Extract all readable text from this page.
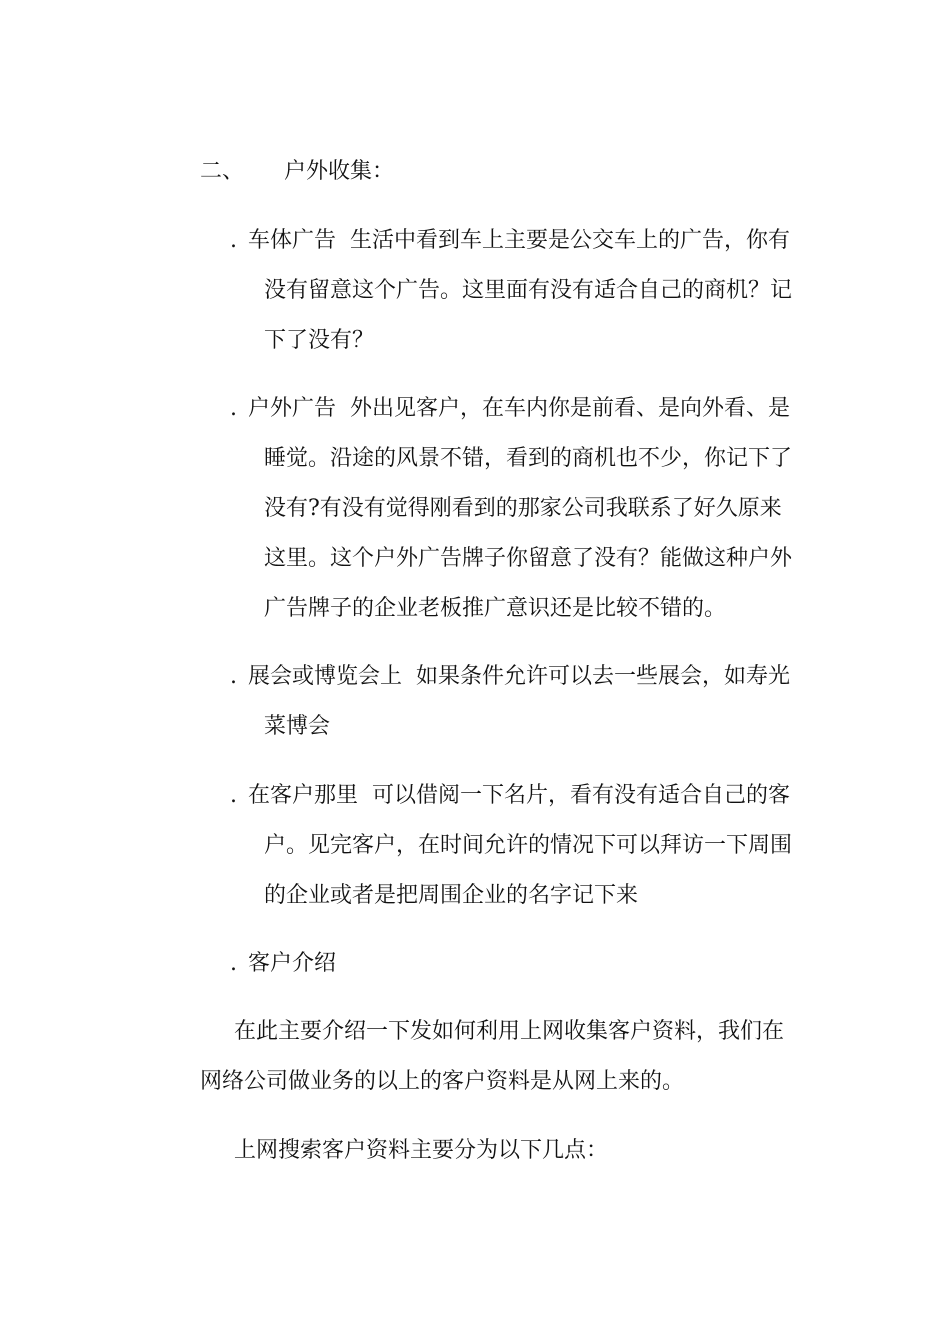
二、 户外收集：
. 车体广告 生活中看到车上主要是公交车上的广告，你有
没有留意这个广告。这里面有没有适合自己的商机？记
下了没有？
. 户外广告 外出见客户，在车内你是前看、是向外看、是
睡觉。沿途的风景不错，看到的商机也不少，你记下了
没有?有没有觉得刚看到的那家公司我联系了好久原来
这里。这个户外广告牌子你留意了没有？能做这种户外
广告牌子的企业老板推广意识还是比较不错的。
. 展会或博览会上 如果条件允许可以去一些展会，如寿光
菜博会
. 在客户那里 可以借阅一下名片，看有没有适合自己的客
户。见完客户，在时间允许的情况下可以拜访一下周围
的企业或者是把周围企业的名字记下来
. 客户介绍
在此主要介绍一下发如何利用上网收集客户资料，我们在
网络公司做业务的以上的客户资料是从网上来的。
上网搜索客户资料主要分为以下几点：
